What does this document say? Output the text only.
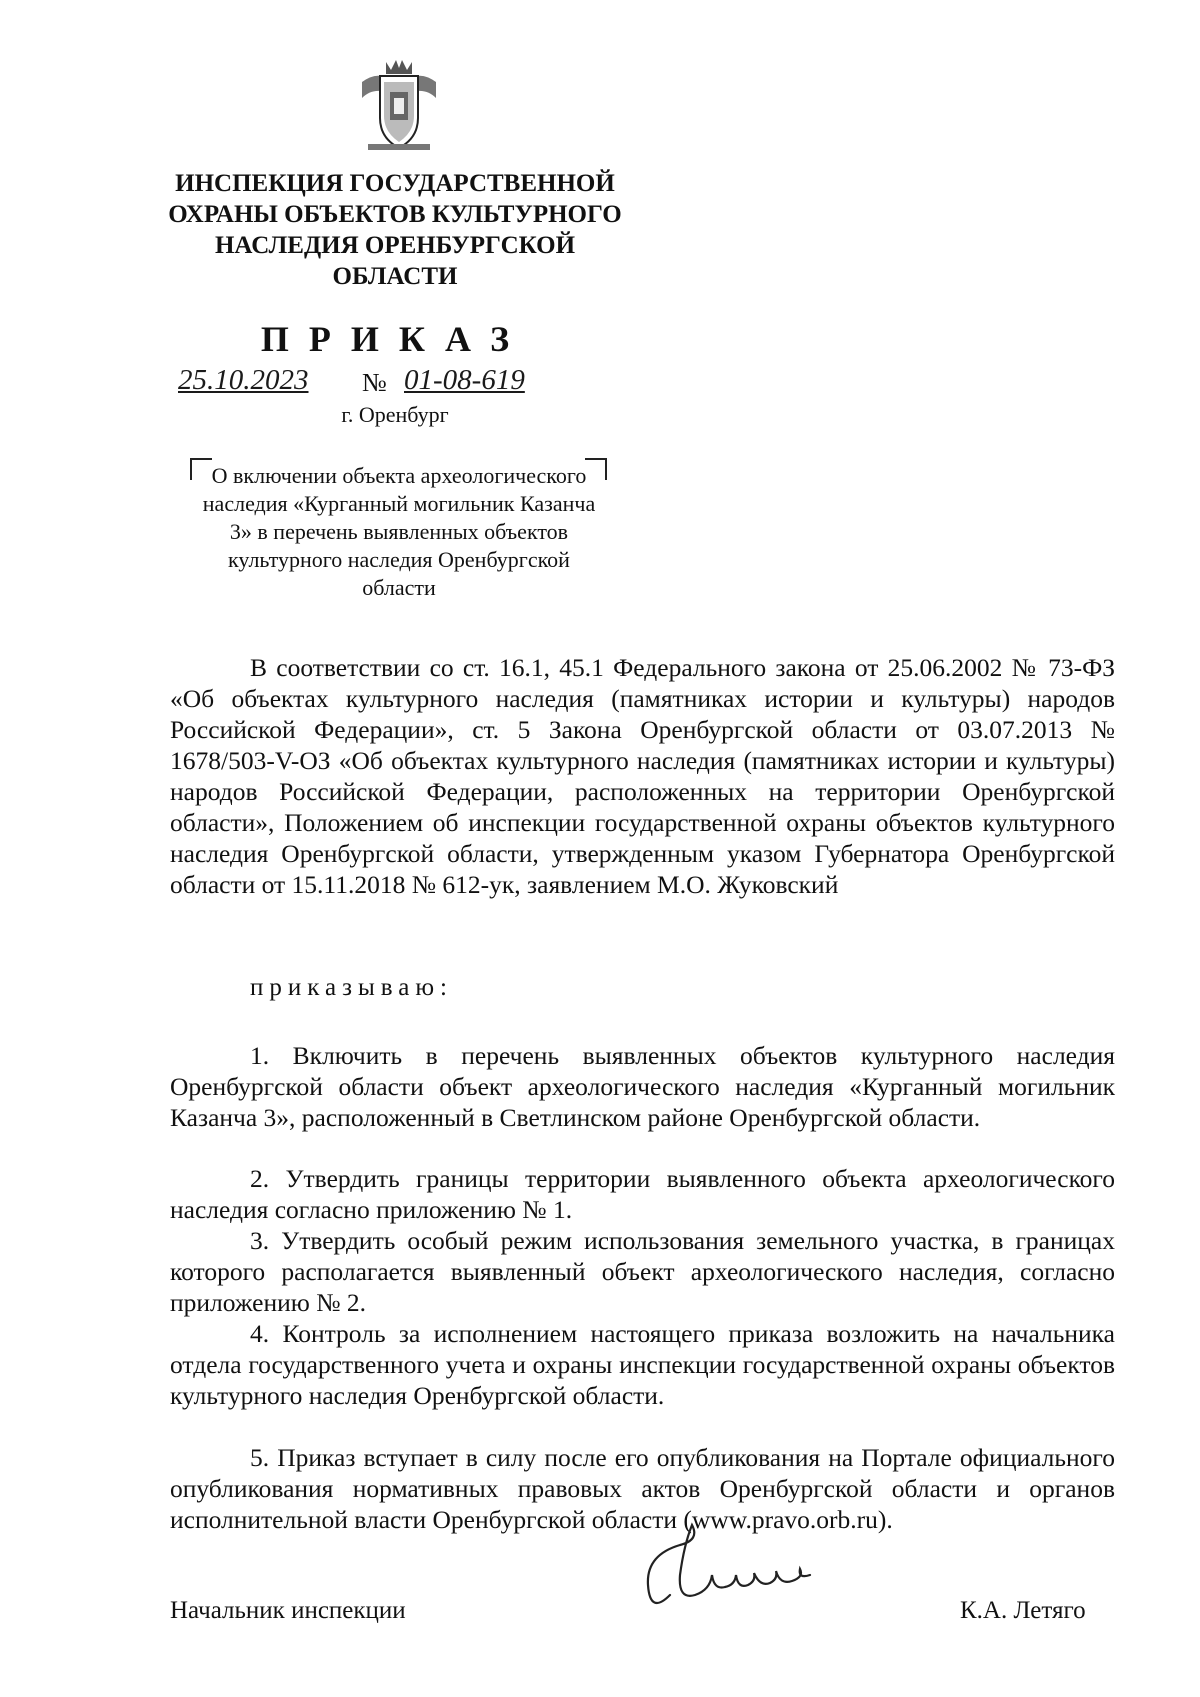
ИНСПЕКЦИЯ ГОСУДАРСТВЕННОЙ ОХРАНЫ ОБЪЕКТОВ КУЛЬТУРНОГО НАСЛЕДИЯ ОРЕНБУРГСКОЙ ОБЛАСТИ
ПРИКАЗ
25.10.2023 № 01-08-619
г. Оренбург
О включении объекта археологического наследия «Курганный могильник Казанча 3» в перечень выявленных объектов культурного наследия Оренбургской области
В соответствии со ст. 16.1, 45.1 Федерального закона от 25.06.2002 № 73-ФЗ «Об объектах культурного наследия (памятниках истории и культуры) народов Российской Федерации», ст. 5 Закона Оренбургской области от 03.07.2013 № 1678/503-V-ОЗ «Об объектах культурного наследия (памятниках истории и культуры) народов Российской Федерации, расположенных на территории Оренбургской области», Положением об инспекции государственной охраны объектов культурного наследия Оренбургской области, утвержденным указом Губернатора Оренбургской области от 15.11.2018 № 612-ук, заявлением М.О. Жуковский
приказываю:
1. Включить в перечень выявленных объектов культурного наследия Оренбургской области объект археологического наследия «Курганный могильник Казанча 3», расположенный в Светлинском районе Оренбургской области.
2. Утвердить границы территории выявленного объекта археологического наследия согласно приложению № 1.
3. Утвердить особый режим использования земельного участка, в границах которого располагается выявленный объект археологического наследия, согласно приложению № 2.
4. Контроль за исполнением настоящего приказа возложить на начальника отдела государственного учета и охраны инспекции государственной охраны объектов культурного наследия Оренбургской области.
5. Приказ вступает в силу после его опубликования на Портале официального опубликования нормативных правовых актов Оренбургской области и органов исполнительной власти Оренбургской области (www.pravo.orb.ru).
Начальник инспекции	К.А. Летяго
